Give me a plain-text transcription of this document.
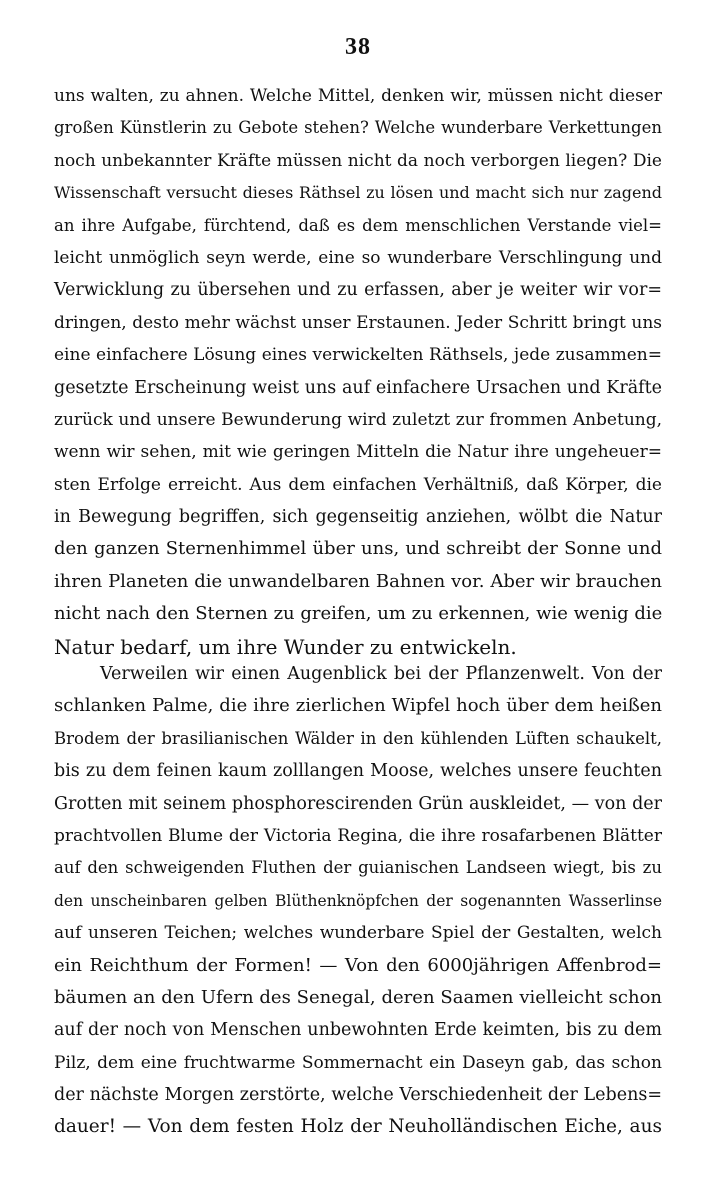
38
uns walten, zu ahnen. Welche Mittel, denken wir, müssen nicht dieser
großen Künstlerin zu Gebote stehen? Welche wunderbare Verkettungen
noch unbekannter Kräfte müssen nicht da noch verborgen liegen? Die
Wissenschaft versucht dieses Räthsel zu lösen und macht sich nur zagend
an ihre Aufgabe, fürchtend, daß es dem menschlichen Verstande viel=
leicht unmöglich seyn werde, eine so wunderbare Verschlingung und
Verwicklung zu übersehen und zu erfassen, aber je weiter wir vor=
dringen, desto mehr wächst unser Erstaunen. Jeder Schritt bringt uns
eine einfachere Lösung eines verwickelten Räthsels, jede zusammen=
gesetzte Erscheinung weist uns auf einfachere Ursachen und Kräfte
zurück und unsere Bewunderung wird zuletzt zur frommen Anbetung,
wenn wir sehen, mit wie geringen Mitteln die Natur ihre ungeheuer=
sten Erfolge erreicht. Aus dem einfachen Verhältniß, daß Körper, die
in Bewegung begriffen, sich gegenseitig anziehen, wölbt die Natur
den ganzen Sternenhimmel über uns, und schreibt der Sonne und
ihren Planeten die unwandelbaren Bahnen vor. Aber wir brauchen
nicht nach den Sternen zu greifen, um zu erkennen, wie wenig die
Natur bedarf, um ihre Wunder zu entwickeln.
Verweilen wir einen Augenblick bei der Pflanzenwelt. Von der
schlanken Palme, die ihre zierlichen Wipfel hoch über dem heißen
Brodem der brasilianischen Wälder in den kühlenden Lüften schaukelt,
bis zu dem feinen kaum zolllangen Moose, welches unsere feuchten
Grotten mit seinem phosphorescirenden Grün auskleidet, — von der
prachtvollen Blume der Victoria Regina, die ihre rosafarbenen Blätter
auf den schweigenden Fluthen der guianischen Landseen wiegt, bis zu
den unscheinbaren gelben Blüthenknöpfchen der sogenannten Wasserlinse
auf unseren Teichen; welches wunderbare Spiel der Gestalten, welch
ein Reichthum der Formen! — Von den 6000jährigen Affenbrod=
bäumen an den Ufern des Senegal, deren Saamen vielleicht schon
auf der noch von Menschen unbewohnten Erde keimten, bis zu dem
Pilz, dem eine fruchtwarme Sommernacht ein Daseyn gab, das schon
der nächste Morgen zerstörte, welche Verschiedenheit der Lebens=
dauer! — Von dem festen Holz der Neuholländischen Eiche, aus
